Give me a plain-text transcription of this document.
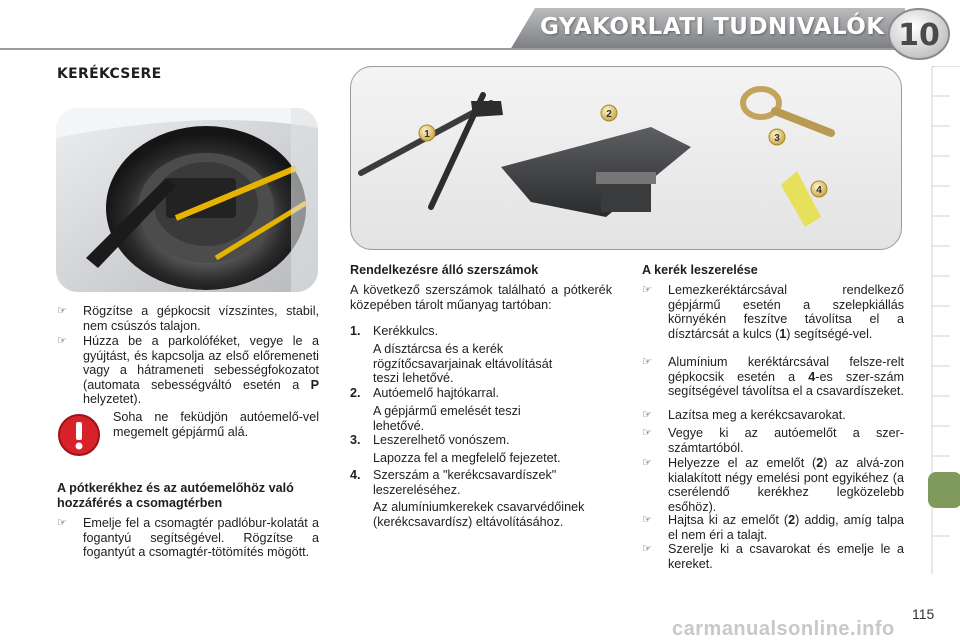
GYAKORLATI TUDNIVALÓK 10
KERÉKCSERE
1
2
3
4
☞ Rögzítse a gépkocsit vízszintes, stabil, nem csúszós talajon.
☞ Húzza be a parkolóféket, vegye le a gyújtást, és kapcsolja az első előremeneti vagy a hátrameneti sebességfokozatot (automata sebességváltó esetén a P helyzetet).
Soha ne feküdjön autóemelő-vel megemelt gépjármű alá.
A pótkerékhez és az autóemelőhöz való hozzáférés a csomagtérben
☞ Emelje fel a csomagtér padlóbur-kolatát a fogantyú segítségével. Rögzítse a fogantyút a csomagtér-tötömítés mögött.
Rendelkezésre álló szerszámok
A következő szerszámok található a pótkerék közepében tárolt műanyag tartóban:
1. Kerékkulcs.
A dísztárcsa és a kerék rögzítőcsavarjainak eltávolítását teszi lehetővé.
2. Autóemelő hajtókarral.
A gépjármű emelését teszi lehetővé.
3. Leszerelhető vonószem.
Lapozza fel a megfelelő fejezetet.
4. Szerszám a "kerékcsavardíszek" leszereléséhez.
Az alumíniumkerekek csavarvédőinek (kerékcsavardísz) eltávolításához.
A kerék leszerelése
☞ Lemezkeréktárcsával rendelkező gépjármű esetén a szelepkiállás környékén feszítve távolítsa el a dísztárcsát a kulcs (1) segítségé-vel.
☞ Alumínium keréktárcsával felsze-relt gépkocsik esetén a 4-es szer-szám segítségével távolítsa el a csavardíszeket.
☞ Lazítsa meg a kerékcsavarokat.
☞ Vegye ki az autóemelőt a szer-számtartóból.
☞ Helyezze el az emelőt (2) az alvá-zon kialakított négy emelési pont egyikéhez (a cserélendő kerékhez legközelebb esőhöz).
☞ Hajtsa ki az emelőt (2) addig, amíg talpa el nem éri a talajt.
☞ Szerelje ki a csavarokat és emelje le a kereket.
115
carmanualsonline.info
